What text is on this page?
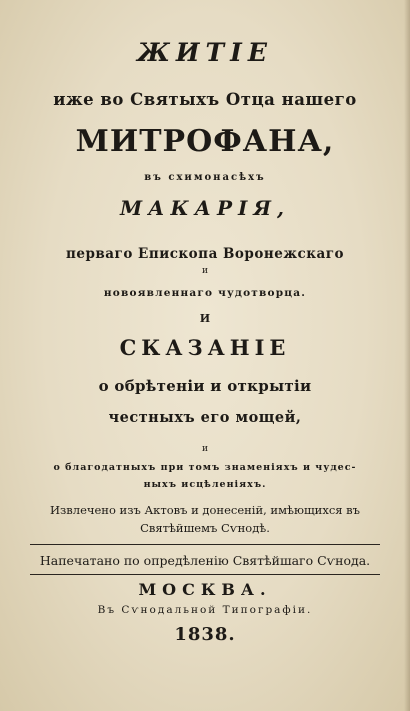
ЖИТІЕ
иже во Святыхъ Отца нашего
МИТРОФАНА,
въ схимонасѣхъ
МАКАРІЯ,
перваго Епископа Воронежскаго
и
новоявленнаго чудотворца.
И
СКАЗАНІЕ
о обрѣтеніи и открытіи
честныхъ его мощей,
и
о благодатныхъ при томъ знаменіяхъ и чудес-
ныхъ исцѣленіяхъ.
Извлечено изъ Актовъ и донесеній, имѣющихся въ
Святѣйшемъ Сѵнодѣ.
Напечатано по опредѣленію Святѣйшаго Сѵнода.
МОСКВА.
Въ Сѵнодальной Типографіи.
1838.
